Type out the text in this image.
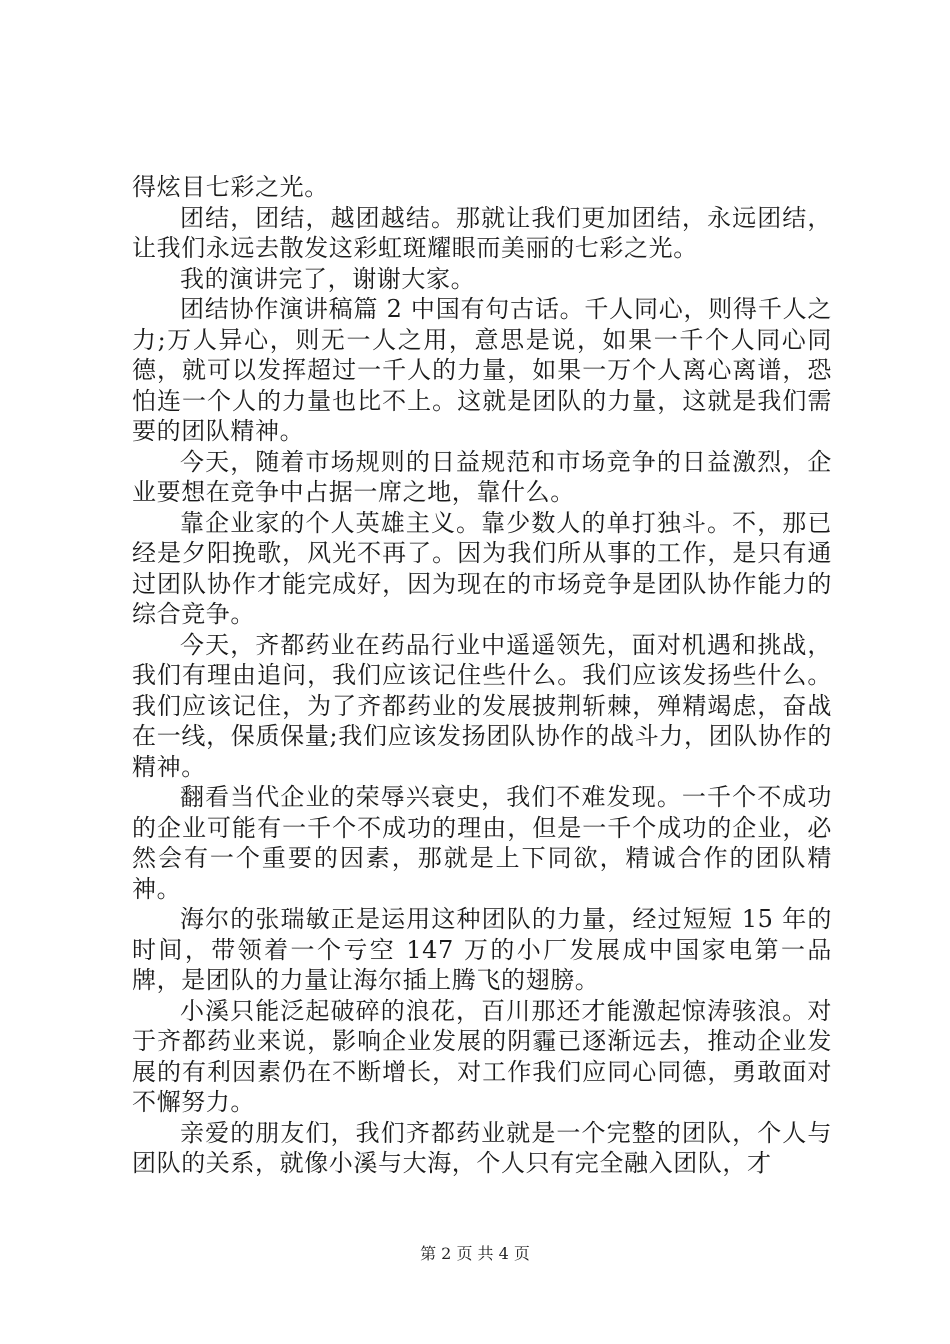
得炫目七彩之光。

团结，团结，越团越结。那就让我们更加团结，永远团结，让我们永远去散发这彩虹斑耀眼而美丽的七彩之光。

我的演讲完了，谢谢大家。

团结协作演讲稿篇 2 中国有句古话。千人同心，则得千人之力;万人异心，则无一人之用，意思是说，如果一千个人同心同德，就可以发挥超过一千人的力量，如果一万个人离心离谱，恐怕连一个人的力量也比不上。这就是团队的力量，这就是我们需要的团队精神。

今天，随着市场规则的日益规范和市场竞争的日益激烈，企业要想在竞争中占据一席之地，靠什么。

靠企业家的个人英雄主义。靠少数人的单打独斗。不，那已经是夕阳挽歌，风光不再了。因为我们所从事的工作，是只有通过团队协作才能完成好，因为现在的市场竞争是团队协作能力的综合竞争。

今天，齐都药业在药品行业中遥遥领先，面对机遇和挑战，我们有理由追问，我们应该记住些什么。我们应该发扬些什么。我们应该记住，为了齐都药业的发展披荆斩棘，殚精竭虑，奋战在一线，保质保量;我们应该发扬团队协作的战斗力，团队协作的精神。

翻看当代企业的荣辱兴衰史，我们不难发现。一千个不成功的企业可能有一千个不成功的理由，但是一千个成功的企业，必然会有一个重要的因素，那就是上下同欲，精诚合作的团队精神。

海尔的张瑞敏正是运用这种团队的力量，经过短短 15 年的时间，带领着一个亏空 147 万的小厂发展成中国家电第一品牌，是团队的力量让海尔插上腾飞的翅膀。

小溪只能泛起破碎的浪花，百川那还才能激起惊涛骇浪。对于齐都药业来说，影响企业发展的阴霾已逐渐远去，推动企业发展的有利因素仍在不断增长，对工作我们应同心同德，勇敢面对不懈努力。

亲爱的朋友们，我们齐都药业就是一个完整的团队，个人与团队的关系，就像小溪与大海，个人只有完全融入团队，才

第 2 页 共 4 页
